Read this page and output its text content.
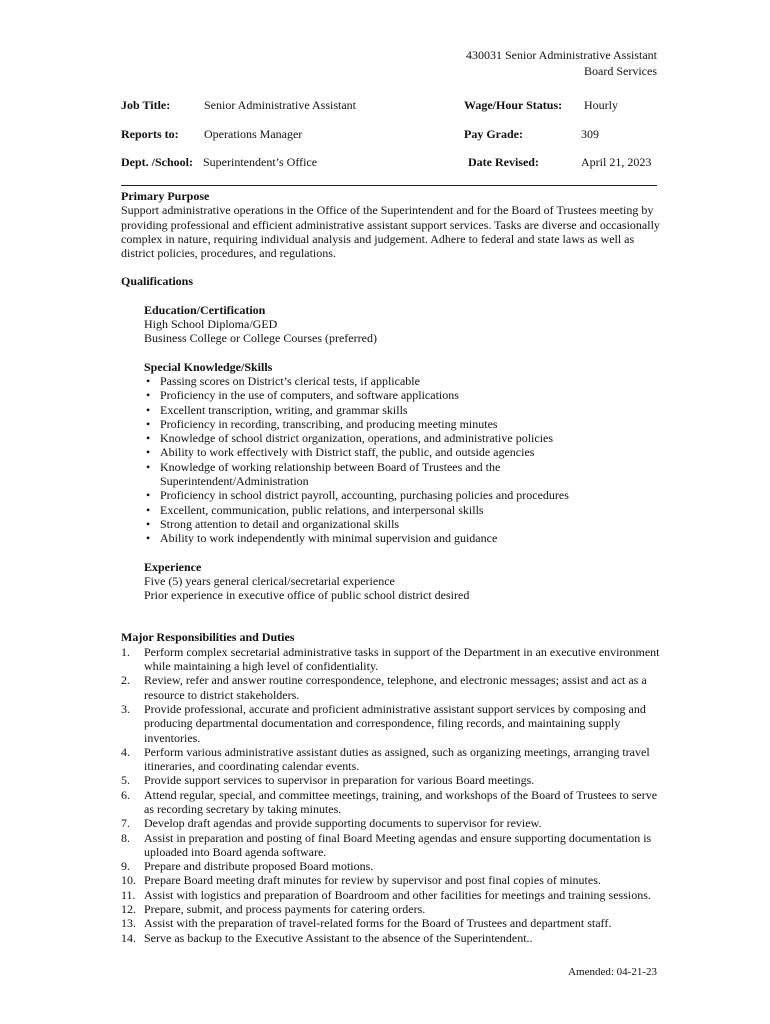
430031 Senior Administrative Assistant
Board Services
Job Title:	Senior Administrative Assistant	Wage/Hour Status: Hourly
Reports to: Operations Manager	Pay Grade:	309
Dept. /School: Superintendent’s Office	Date Revised:	April 21, 2023
Primary Purpose

Support administrative operations in the Office of the Superintendent and for the Board of Trustees meeting by providing professional and efficient administrative assistant support services. Tasks are diverse and occasionally complex in nature, requiring individual analysis and judgement. Adhere to federal and state laws as well as district policies, procedures, and regulations.

Qualifications
Education/Certification
High School Diploma/GED
Business College or College Courses (preferred)
Special Knowledge/Skills
• Passing scores on District’s clerical tests, if applicable
• Proficiency in the use of computers, and software applications
• Excellent transcription, writing, and grammar skills
• Proficiency in recording, transcribing, and producing meeting minutes
• Knowledge of school district organization, operations, and administrative policies
• Ability to work effectively with District staff, the public, and outside agencies
• Knowledge of working relationship between Board of Trustees and the Superintendent/Administration
• Proficiency in school district payroll, accounting, purchasing policies and procedures
• Excellent, communication, public relations, and interpersonal skills
• Strong attention to detail and organizational skills
• Ability to work independently with minimal supervision and guidance
Experience
Five (5) years general clerical/secretarial experience
Prior experience in executive office of public school district desired
Major Responsibilities and Duties
1. Perform complex secretarial administrative tasks in support of the Department in an executive environment while maintaining a high level of confidentiality.
2. Review, refer and answer routine correspondence, telephone, and electronic messages; assist and act as a resource to district stakeholders.
3. Provide professional, accurate and proficient administrative assistant support services by composing and producing departmental documentation and correspondence, filing records, and maintaining supply inventories.
4. Perform various administrative assistant duties as assigned, such as organizing meetings, arranging travel itineraries, and coordinating calendar events.
5. Provide support services to supervisor in preparation for various Board meetings.
6. Attend regular, special, and committee meetings, training, and workshops of the Board of Trustees to serve as recording secretary by taking minutes.
7. Develop draft agendas and provide supporting documents to supervisor for review.
8. Assist in preparation and posting of final Board Meeting agendas and ensure supporting documentation is uploaded into Board agenda software.
9. Prepare and distribute proposed Board motions.
10. Prepare Board meeting draft minutes for review by supervisor and post final copies of minutes.
11. Assist with logistics and preparation of Boardroom and other facilities for meetings and training sessions.
12. Prepare, submit, and process payments for catering orders.
13. Assist with the preparation of travel-related forms for the Board of Trustees and department staff.
14. Serve as backup to the Executive Assistant to the absence of the Superintendent..
Amended: 04-21-23
